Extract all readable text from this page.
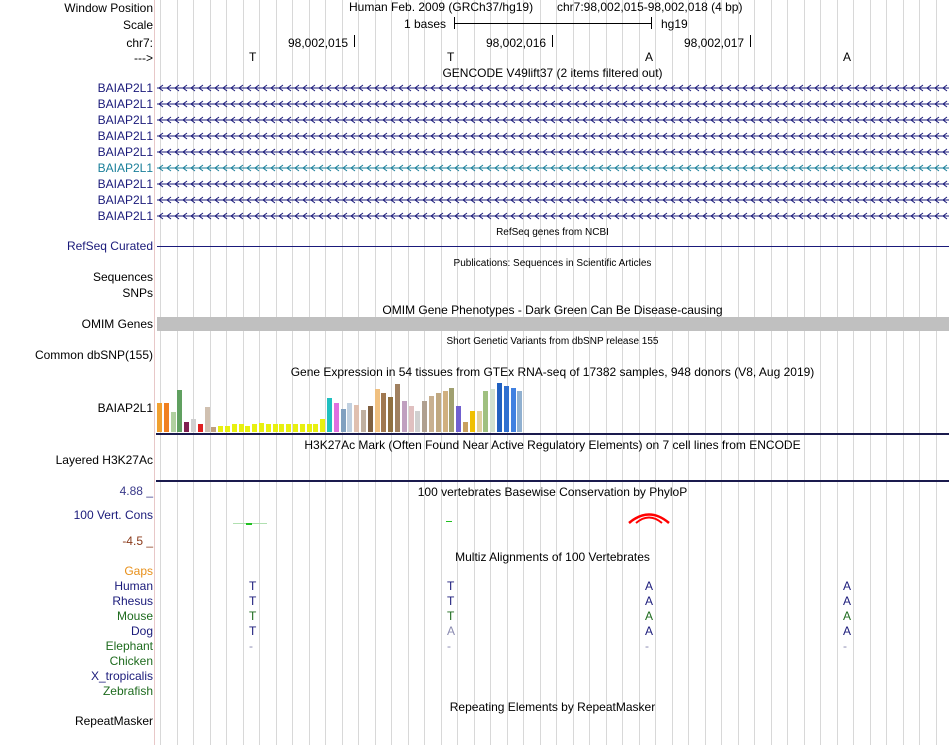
Window Position
Scale
chr7:
--->
Human Feb. 2009 (GRCh37/hg19) chr7:98,002,015-98,002,018 (4 bp)
1 bases	hg19
98,002,015	98,002,016	98,002,017
T	T	A	A
GENCODE V49lift37 (2 items filtered out)
BAIAP2L1
BAIAP2L1
BAIAP2L1
BAIAP2L1
BAIAP2L1
BAIAP2L1
BAIAP2L1
BAIAP2L1
BAIAP2L1
RefSeq genes from NCBI
RefSeq Curated
Publications: Sequences in Scientific Articles
Sequences
SNPs
OMIM Gene Phenotypes - Dark Green Can Be Disease-causing
OMIM Genes
Short Genetic Variants from dbSNP release 155
Common dbSNP(155)
Gene Expression in 54 tissues from GTEx RNA-seq of 17382 samples, 948 donors (V8, Aug 2019)
BAIAP2L1
H3K27Ac Mark (Often Found Near Active Regulatory Elements) on 7 cell lines from ENCODE
Layered H3K27Ac
100 vertebrates Basewise Conservation by PhyloP
4.88 _
100 Vert. Cons
-4.5 _
Multiz Alignments of 100 Vertebrates
Gaps
Human	T	T	A	A
Rhesus	T	T	A	A
Mouse	T	T	A	A
Dog	T	A	A	A
Elephant	-	-	-	-
Chicken
X_tropicalis
Zebrafish
Repeating Elements by RepeatMasker
RepeatMasker
